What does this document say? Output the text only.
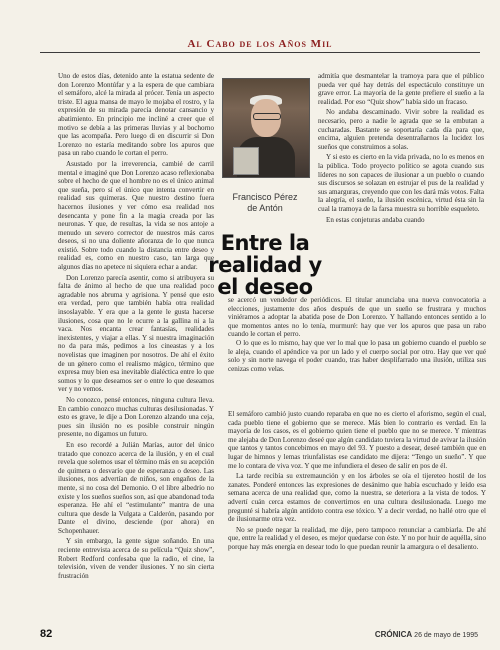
Al Cabo de los Años Mil

Uno de estos días, detenido ante la estatua sedente de don Lorenzo Montúfar y a la espera de que cambiara el semáforo, alcé la mirada al prócer. Tenía un aspecto triste. El agua mansa de mayo le mojaba el rostro, y la expresión de su mirada parecía denotar cansancio y abatimiento. En principio me incliné a creer que el motivo se debía a las primeras lluvias y al bochorno que las acompaña. Pero luego di en discurrir si Don Lorenzo no estaría meditando sobre los apuros que pasa un rabo cuando le cortan el perro.

Asustado por la irreverencia, cambié de carril mental e imaginé que Don Lorenzo acaso reflexionaba sobre el hecho de que el hombre no es el único animal que sueña, pero sí el único que intenta convertir en realidad sus quimeras. Que nuestro destino fuera hacernos ilusiones y ver cómo esa realidad nos desencanta y pone fin a la magia creada por las neuronas. Y que, de resultas, la vida se nos antoje a menudo un severo corrector de nuestros más caros deseos, si no una doliente añoranza de lo que nunca existió. Sobre todo cuando la distancia entre deseo y realidad es, como en nuestro caso, tan larga que algunos días no apetece ni siquiera echar a andar.

Don Lorenzo parecía asentir, como si atribuyera su falta de ánimo al hecho de que una realidad poco agradable nos abruma y agrisiona. Y pensé que esto era verdad, pero que también había otra realidad insoslayable. Y era que a la gente le gusta hacerse ilusiones, cosa que no le ocurre a la gallina ni a la vaca. Nos encanta crear fantasías, realidades inexistentes, y viajar a ellas. Y si nuestra imaginación no da para más, pedimos a los cineastas y a los novelistas que imaginen por nosotros. De ahí el éxito de un género como el realismo mágico, término que expresa muy bien esa inevitable dialéctica entre lo que somos y lo que deseamos ser o entre lo que deseamos ver y no vemos.

No conozco, pensé entonces, ninguna cultura lleva. En cambio conozco muchas culturas desilusionadas. Y esto es grave, le dije a Don Lorenzo alzando una ceja, pues sin ilusión no es posible construir ningún presente, no digamos un futuro.

En eso recordé a Julián Marías, autor del único tratado que conozco acerca de la ilusión, y en el cual revela que solemos usar el término más en su acepción de quimera o desvarío que de esperanza o deseo. Las ilusiones, nos advertían de niños, son engaños de la mente, si no cosa del Demonio. O el libre albedrío no existe y los sueños sueños son, así que abandonad toda esperanza. He ahí el “estimulante” mantra de una cultura que desde la Vulgata a Calderón, pasando por Dante el divino, desciende (por ahora) en Schopenhauer.

Y sin embargo, la gente sigue soñando. En una reciente entrevista acerca de su película “Quiz show”, Robert Redford confesaba que la radio, el cine, la televisión, viven de vender ilusiones. Y no sin cierta frustración

Francisco Pérez
de Antón
Entre la realidad y el deseo

admitía que desmantelar la tramoya para que el público pueda ver qué hay detrás del espectáculo constituye un grave error. La mayoría de la gente prefiere el sueño a la realidad. Por eso “Quiz show” había sido un fracaso.

No andaba descaminado. Vivir sobre la realidad es necesario, pero a nadie le agrada que se la embutan a cucharadas. Bastante se soportaría cada día para que, encima, alguien pretenda desentrañarnos la lucidez los sueños que construimos a solas.

Y si esto es cierto en la vida privada, no lo es menos en la pública. Todo proyecto político se agota cuando sus líderes no son capaces de ilusionar a un pueblo o cuando sus discursos se solazan en estrujar el pus de la realidad y sus amarguras, creyendo que con les dará más votos. Falta la alegría, el sueño, la ilusión escénica, virtud ésta sin la cual la tramoya de la farsa muestra su horrible esqueleto.

En estas conjeturas andaba cuando

se acercó un vendedor de periódicos. El titular anunciaba una nueva convocatoria a elecciones, justamente dos años después de que un sueño se frustrara y muchos viniéramos a adoptar la abatida pose de Don Lorenzo. Y hallando entonces sentido a lo que momentos antes no lo tenía, murmuré: hay que ver los apuros que pasa un rabo cuando le cortan el perro.

O lo que es lo mismo, hay que ver lo mal que lo pasa un gobierno cuando el pueblo se le aleja, cuando el apéndice va por un lado y el cuerpo social por otro. Hay que ver qué solo y sin norte navega el poder cuando, tras haber desplifarrado una ilusión, utiliza sus cenizas como velas.

El semáforo cambió justo cuando reparaba en que no es cierto el aforismo, según el cual, cada pueblo tiene el gobierno que se merece. Más bien lo contrario es verdad. En la mayoría de los casos, es el gobierno quien tiene el pueblo que no se merece. Y mientras me alejaba de Don Lorenzo deseé que algún candidato tuviera la virtud de avivar la ilusión que tantos y tantos concebimos en mayo del 93. Y puesto a desear, deseé también que en lugar de himnos y lemas triunfalistas ese candidato me dijera: “Tengo un sueño”. Y que me lo contara de viva voz. Y que me infundiera el deseo de salir en pos de él.

La tarde recibía su extremaunción y en los árboles se oía el tijereteo hostil de los zanates. Ponderé entonces las expresiones de desánimo que había escuchado y leído esa semana acerca de una realidad que, como la nuestra, se deteriora a la vista de todos. Y advertí cuán cerca estamos de convertirnos en una cultura desilusionada. Luego me pregunté si habría algún antídoto contra ese tóxico. Y a decir verdad, no hallé otro que el de ilusionarme otra vez.

No se puede negar la realidad, me dije, pero tampoco renunciar a cambiarla. De ahí que, entre la realidad y el deseo, es mejor quedarse con éste. Y no por huir de aquélla, sino porque hay más energía en desear todo lo que puedan reunir la amargura o el desaliento.

82	CRÓNICA 26 de mayo de 1995
